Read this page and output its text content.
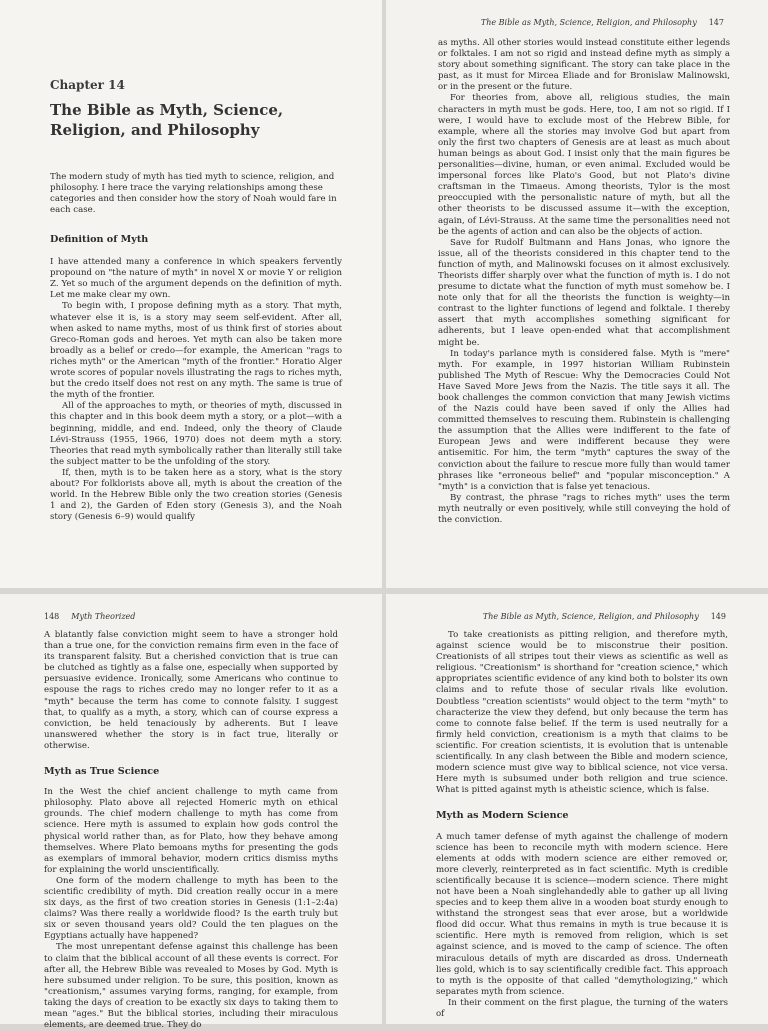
Chapter 14
The Bible as Myth, Science, Religion, and Philosophy

The modern study of myth has tied myth to science, religion, and philosophy. I here trace the varying relationships among these categories and then consider how the story of Noah would fare in each case.

Definition of Myth

I have attended many a conference in which speakers fervently propound on "the nature of myth" in novel X or movie Y or religion Z. Yet so much of the argument depends on the definition of myth. Let me make clear my own.

To begin with, I propose defining myth as a story. That myth, whatever else it is, is a story may seem self-evident. After all, when asked to name myths, most of us think first of stories about Greco-Roman gods and heroes. Yet myth can also be taken more broadly as a belief or credo—for example, the American "rags to riches myth" or the American "myth of the frontier." Horatio Alger wrote scores of popular novels illustrating the rags to riches myth, but the credo itself does not rest on any myth. The same is true of the myth of the frontier.

All of the approaches to myth, or theories of myth, discussed in this chapter and in this book deem myth a story, or a plot—with a beginning, middle, and end. Indeed, only the theory of Claude Lévi-Strauss (1955, 1966, 1970) does not deem myth a story. Theories that read myth symbolically rather than literally still take the subject matter to be the unfolding of the story.

If, then, myth is to be taken here as a story, what is the story about? For folklorists above all, myth is about the creation of the world. In the Hebrew Bible only the two creation stories (Genesis 1 and 2), the Garden of Eden story (Genesis 3), and the Noah story (Genesis 6–9) would qualify

The Bible as Myth, Science, Religion, and Philosophy 147

as myths. All other stories would instead constitute either legends or folktales. I am not so rigid and instead define myth as simply a story about something significant. The story can take place in the past, as it must for Mircea Eliade and for Bronislaw Malinowski, or in the present or the future.

For theories from, above all, religious studies, the main characters in myth must be gods. Here, too, I am not so rigid. If I were, I would have to exclude most of the Hebrew Bible, for example, where all the stories may involve God but apart from only the first two chapters of Genesis are at least as much about human beings as about God. I insist only that the main figures be personalities—divine, human, or even animal. Excluded would be impersonal forces like Plato's Good, but not Plato's divine craftsman in the Timaeus. Among theorists, Tylor is the most preoccupied with the personalistic nature of myth, but all the other theorists to be discussed assume it—with the exception, again, of Lévi-Strauss. At the same time the personalities need not be the agents of action and can also be the objects of action.

Save for Rudolf Bultmann and Hans Jonas, who ignore the issue, all of the theorists considered in this chapter tend to the function of myth, and Malinowski focuses on it almost exclusively. Theorists differ sharply over what the function of myth is. I do not presume to dictate what the function of myth must somehow be. I note only that for all the theorists the function is weighty—in contrast to the lighter functions of legend and folktale. I thereby assert that myth accomplishes something significant for adherents, but I leave open-ended what that accomplishment might be.

In today's parlance myth is considered false. Myth is "mere" myth. For example, in 1997 historian William Rubinstein published The Myth of Rescue: Why the Democracies Could Not Have Saved More Jews from the Nazis. The title says it all. The book challenges the common conviction that many Jewish victims of the Nazis could have been saved if only the Allies had committed themselves to rescuing them. Rubinstein is challenging the assumption that the Allies were indifferent to the fate of European Jews and were indifferent because they were antisemitic. For him, the term "myth" captures the sway of the conviction about the failure to rescue more fully than would tamer phrases like "erroneous belief" and "popular misconception." A "myth" is a conviction that is false yet tenacious.

By contrast, the phrase "rags to riches myth" uses the term myth neutrally or even positively, while still conveying the hold of the conviction.

148 Myth Theorized

A blatantly false conviction might seem to have a stronger hold than a true one, for the conviction remains firm even in the face of its transparent falsity. But a cherished conviction that is true can be clutched as tightly as a false one, especially when supported by persuasive evidence. Ironically, some Americans who continue to espouse the rags to riches credo may no longer refer to it as a "myth" because the term has come to connote falsity. I suggest that, to qualify as a myth, a story, which can of course express a conviction, be held tenaciously by adherents. But I leave unanswered whether the story is in fact true, literally or otherwise.

Myth as True Science

In the West the chief ancient challenge to myth came from philosophy. Plato above all rejected Homeric myth on ethical grounds. The chief modern challenge to myth has come from science. Here myth is assumed to explain how gods control the physical world rather than, as for Plato, how they behave among themselves. Where Plato bemoans myths for presenting the gods as exemplars of immoral behavior, modern critics dismiss myths for explaining the world unscientifically.

One form of the modern challenge to myth has been to the scientific credibility of myth. Did creation really occur in a mere six days, as the first of two creation stories in Genesis (1:1–2:4a) claims? Was there really a worldwide flood? Is the earth truly but six or seven thousand years old? Could the ten plagues on the Egyptians actually have happened?

The most unrepentant defense against this challenge has been to claim that the biblical account of all these events is correct. For after all, the Hebrew Bible was revealed to Moses by God. Myth is here subsumed under religion. To be sure, this position, known as "creationism," assumes varying forms, ranging, for example, from taking the days of creation to be exactly six days to taking them to mean "ages." But the biblical stories, including their miraculous elements, are deemed true. They do

The Bible as Myth, Science, Religion, and Philosophy 149

To take creationists as pitting religion, and therefore myth, against science would be to misconstrue their position. Creationists of all stripes tout their views as scientific as well as religious. "Creationism" is shorthand for "creation science," which appropriates scientific evidence of any kind both to bolster its own claims and to refute those of secular rivals like evolution. Doubtless "creation scientists" would object to the term "myth" to characterize the view they defend, but only because the term has come to connote false belief. If the term is used neutrally for a firmly held conviction, creationism is a myth that claims to be scientific. For creation scientists, it is evolution that is untenable scientifically. In any clash between the Bible and modern science, modern science must give way to biblical science, not vice versa. Here myth is subsumed under both religion and true science. What is pitted against myth is atheistic science, which is false.

Myth as Modern Science

A much tamer defense of myth against the challenge of modern science has been to reconcile myth with modern science. Here elements at odds with modern science are either removed or, more cleverly, reinterpreted as in fact scientific. Myth is credible scientifically because it is science—modern science. There might not have been a Noah singlehandedly able to gather up all living species and to keep them alive in a wooden boat sturdy enough to withstand the strongest seas that ever arose, but a worldwide flood did occur. What thus remains in myth is true because it is scientific. Here myth is removed from religion, which is set against science, and is moved to the camp of science. The often miraculous details of myth are discarded as dross. Underneath lies gold, which is to say scientifically credible fact. This approach to myth is the opposite of that called "demythologizing," which separates myth from science.

In their comment on the first plague, the turning of the waters of
